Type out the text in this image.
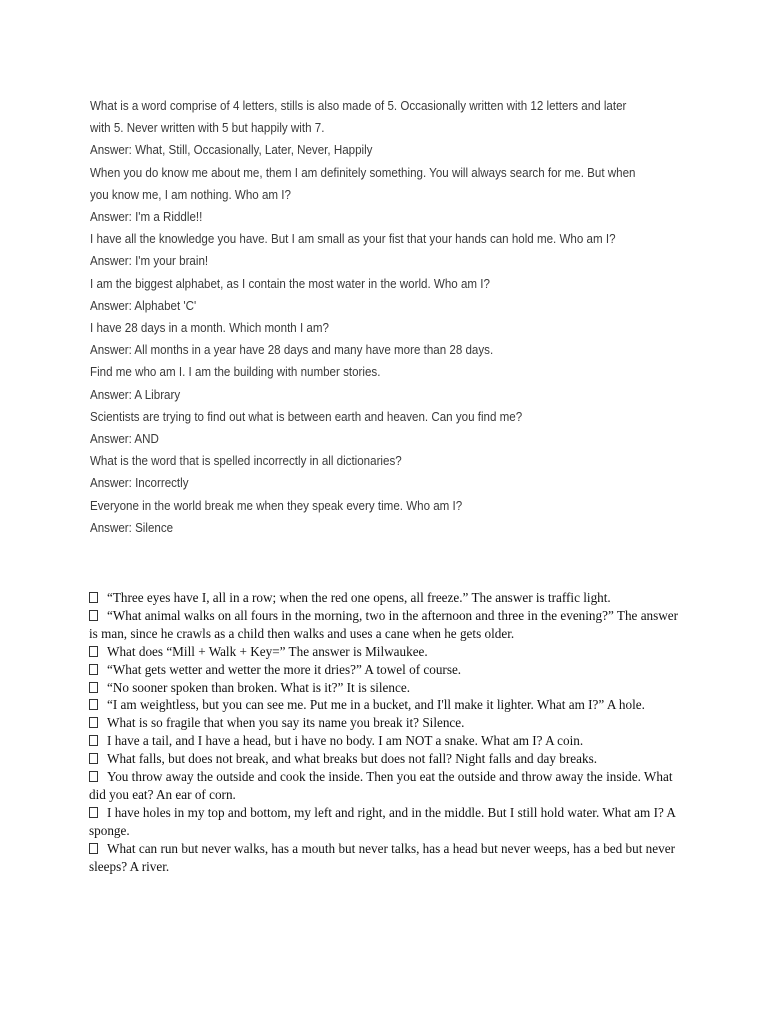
What is a word comprise of 4 letters, stills is also made of 5. Occasionally written with 12 letters and later with 5. Never written with 5 but happily with 7.

Answer: What, Still, Occasionally, Later, Never, Happily

When you do know me about me, them I am definitely something. You will always search for me. But when you know me, I am nothing. Who am I?

Answer: I'm a Riddle!!

I have all the knowledge you have. But I am small as your fist that your hands can hold me. Who am I?

Answer: I'm your brain!

I am the biggest alphabet, as I contain the most water in the world. Who am I?

Answer: Alphabet 'C'

I have 28 days in a month. Which month I am?

Answer: All months in a year have 28 days and many have more than 28 days.

Find me who am I. I am the building with number stories.

Answer: A Library

Scientists are trying to find out what is between earth and heaven. Can you find me?

Answer: AND

What is the word that is spelled incorrectly in all dictionaries?

Answer: Incorrectly

Everyone in the world break me when they speak every time. Who am I?

Answer: Silence

“Three eyes have I, all in a row; when the red one opens, all freeze.” The answer is traffic light.

“What animal walks on all fours in the morning, two in the afternoon and three in the evening?” The answer is man, since he crawls as a child then walks and uses a cane when he gets older.

What does “Mill + Walk + Key=” The answer is Milwaukee.

“What gets wetter and wetter the more it dries?” A towel of course.

“No sooner spoken than broken. What is it?” It is silence.

“I am weightless, but you can see me. Put me in a bucket, and I'll make it lighter. What am I?” A hole.

What is so fragile that when you say its name you break it? Silence.

I have a tail, and I have a head, but i have no body. I am NOT a snake. What am I? A coin.

What falls, but does not break, and what breaks but does not fall? Night falls and day breaks.

You throw away the outside and cook the inside. Then you eat the outside and throw away the inside. What did you eat? An ear of corn.

I have holes in my top and bottom, my left and right, and in the middle. But I still hold water. What am I? A sponge.

What can run but never walks, has a mouth but never talks, has a head but never weeps, has a bed but never sleeps? A river.
